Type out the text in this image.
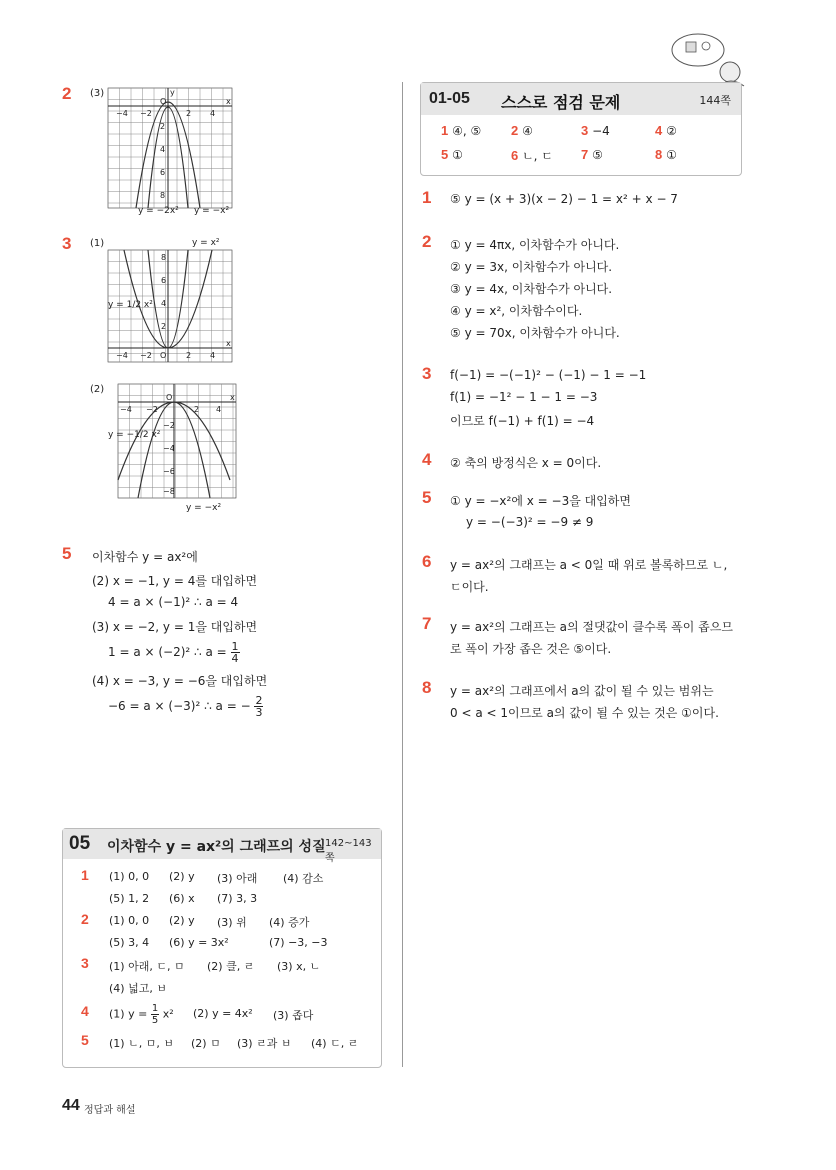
2 (3)
−4 −2
O
2 4
x
y
2
4
6
8
y = −2x² y = −x²
3 (1)	y = x²
−4 −2 O 2 4
x
2
4
6
8
y = 1/2 x²
(2)
−4 −2
O
2 4
x
−2
−4
−6
−8
y = −1/2 x²
y = −x²
5 이차함수 y = ax²에
(2) x = −1, y = 4를 대입하면
4 = a × (−1)² ∴ a = 4
(3) x = −2, y = 1을 대입하면
1 = a × (−2)² ∴ $a = \frac{1}{4}$
(4) x = −3, y = −6을 대입하면
−6 = a × (−3)² ∴ a = − $\frac{2}{3}$
05 이차함수 y = ax²의 그래프의 성질 142~143쪽
1 (1) 0, 0 (2) y (3) 아래 (4) 감소
(5) 1, 2 (6) x (7) 3, 3
2 (1) 0, 0 (2) y (3) 위 (4) 증가
(5) 3, 4 (6) y = 3x²	(7) −3, −3
3 (1) 아래, ㄷ, ㅁ (2) 클, ㄹ (3) x, ㄴ
(4) 넓고, ㅂ
4 (1) $y = \frac{1}{5} x^2$ (2) y = 4x² (3) 좁다
5 (1) ㄴ, ㅁ, ㅂ (2) ㅁ (3) ㄹ과 ㅂ (4) ㄷ, ㄹ
01-05 스스로 점검 문제	144쪽
1 ④, ⑤ 2 ④	3 −4	4 ②
5 ①	6 ㄴ, ㄷ 7 ⑤	8 ①
1 ⑤ y = (x + 3)(x − 2) − 1 = x² + x − 7
2 ① y = 4πx, 이차함수가 아니다.
② y = 3x, 이차함수가 아니다.
③ y = 4x, 이차함수가 아니다.
④ y = x², 이차함수이다.
⑤ y = 70x, 이차함수가 아니다.
3 f(−1) = −(−1)² − (−1) − 1 = −1
f(1) = −1² − 1 − 1 = −3
이므로 f(−1) + f(1) = −4
4 ② 축의 방정식은 x = 0이다.
5 ① y = −x²에 x = −3을 대입하면
y = −(−3)² = −9 ≠ 9
6 y = ax²의 그래프는 a < 0일 때 위로 볼록하므로 ㄴ,
ㄷ이다.
7 y = ax²의 그래프는 a의 절댓값이 클수록 폭이 좁으므
로 폭이 가장 좁은 것은 ⑤이다.
8 y = ax²의 그래프에서 a의 값이 될 수 있는 범위는
0 < a < 1이므로 a의 값이 될 수 있는 것은 ①이다.
44 정답과 해설
